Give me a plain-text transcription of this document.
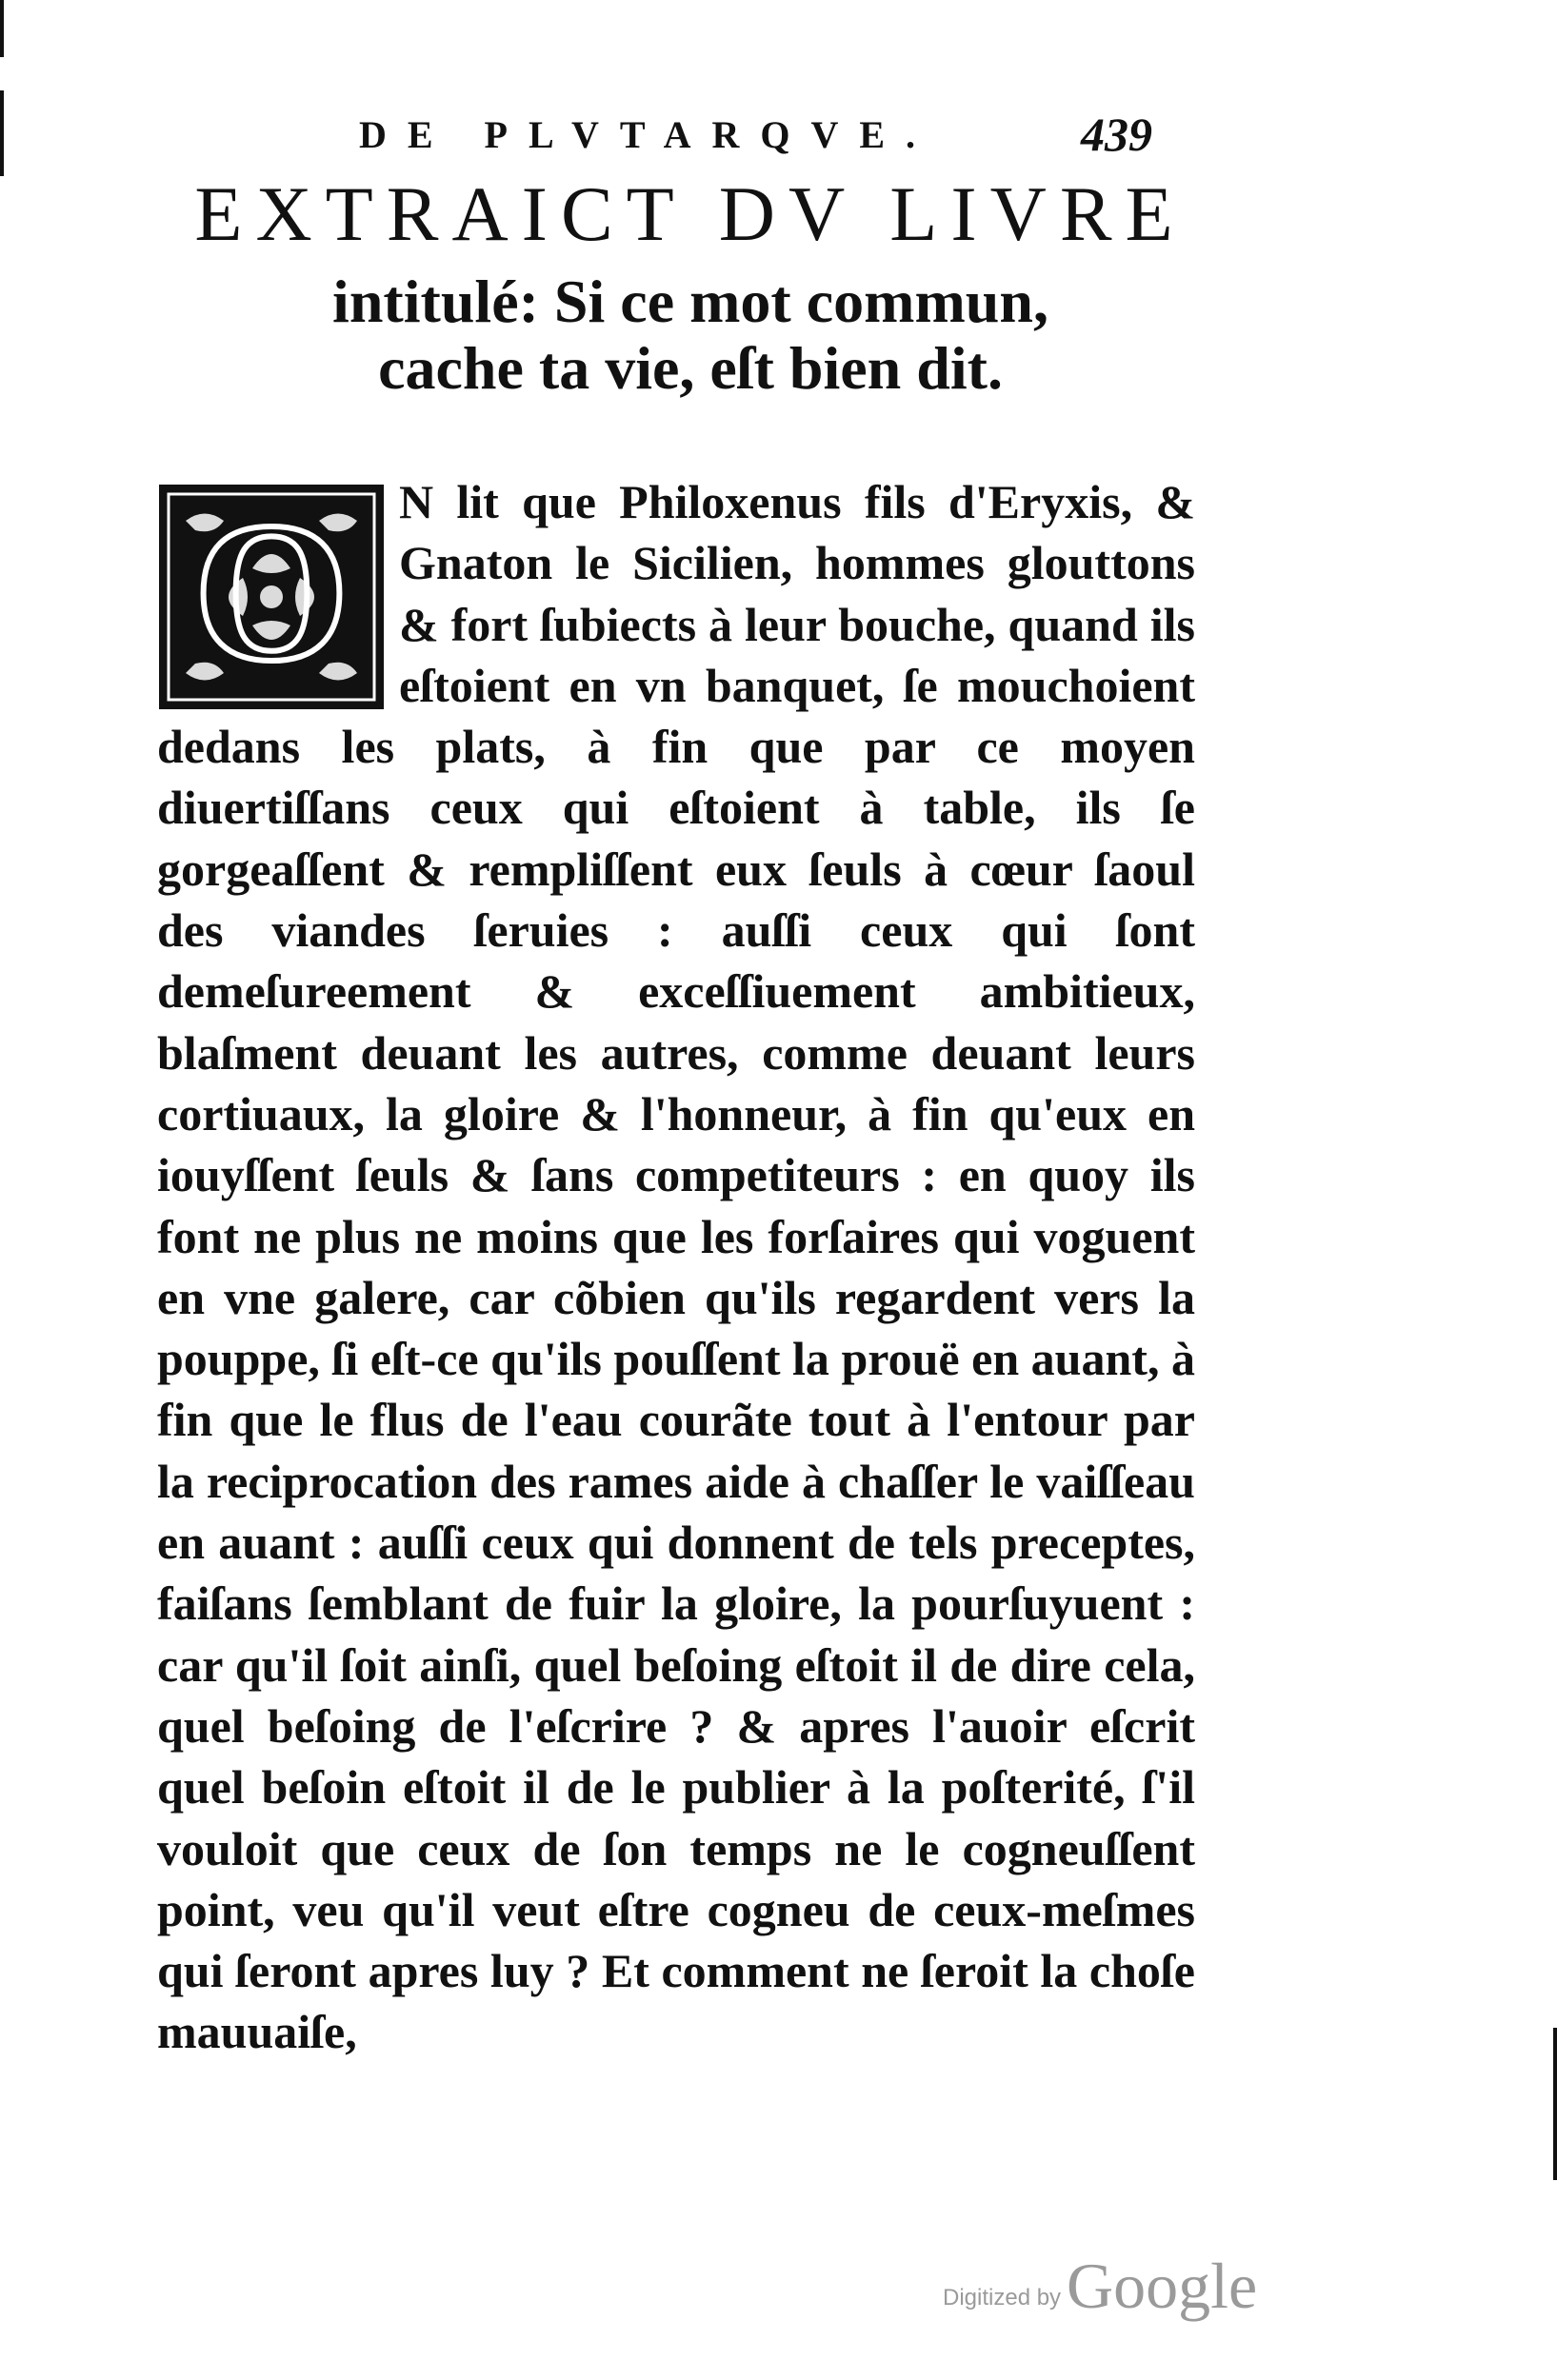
DE PLVTARQVE.	439
EXTRAICT DV LIVRE
intitulé: Si ce mot commun,
cache ta vie, eſt bien dit.
O N lit que Philoxenus fils d'Eryxis, & Gnaton le Sicilien, hommes glouttons & fort ſubiects à leur bouche, quand ils eſtoient en vn banquet, ſe mouchoient dedans les plats, à fin que par ce moyen diuertiſſans ceux qui eſtoient à table, ils ſe gorgeaſſent & rempliſſent eux ſeuls à cœur ſaoul des viandes ſeruies : auſſi ceux qui ſont demeſureement & exceſſiuement ambitieux, blaſment deuant les autres, comme deuant leurs cortiuaux, la gloire & l'honneur, à fin qu'eux en iouyſſent ſeuls & ſans competiteurs : en quoy ils font ne plus ne moins que les forſaires qui voguent en vne galere, car cõbien qu'ils regardent vers la pouppe, ſi eſt-ce qu'ils pouſſent la prouë en auant, à fin que le flus de l'eau courãte tout à l'entour par la reciprocation des rames aide à chaſſer le vaiſſeau en auant : auſſi ceux qui donnent de tels preceptes, faiſans ſemblant de fuir la gloire, la pourſuyuent : car qu'il ſoit ainſi, quel beſoing eſtoit il de dire cela, quel beſoing de l'eſcrire ? & apres l'auoir eſcrit quel beſoin eſtoit il de le publier à la poſterité, ſ'il vouloit que ceux de ſon temps ne le cogneuſſent point, veu qu'il veut eſtre cogneu de ceux-meſmes qui ſeront apres luy ? Et comment ne ſeroit la choſe mauuaiſe,
Digitized by Google
